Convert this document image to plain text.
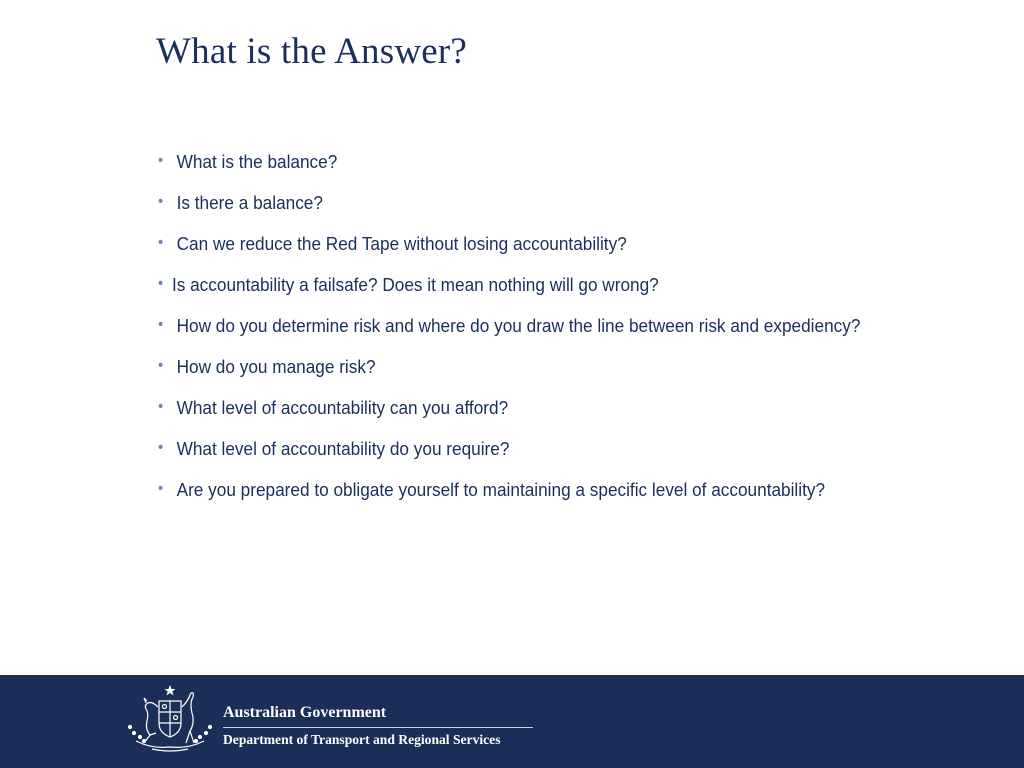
What is the Answer?
• What is the balance?
• Is there a balance?
• Can we reduce the Red Tape without losing accountability?
• Is accountability a failsafe? Does it mean nothing will go wrong?
• How do you determine risk and where do you draw the line between risk and expediency?
• How do you manage risk?
• What level of accountability can you afford?
• What level of accountability do you require?
• Are you prepared to obligate yourself to maintaining a specific level of accountability?
Australian Government
Department of Transport and Regional Services
